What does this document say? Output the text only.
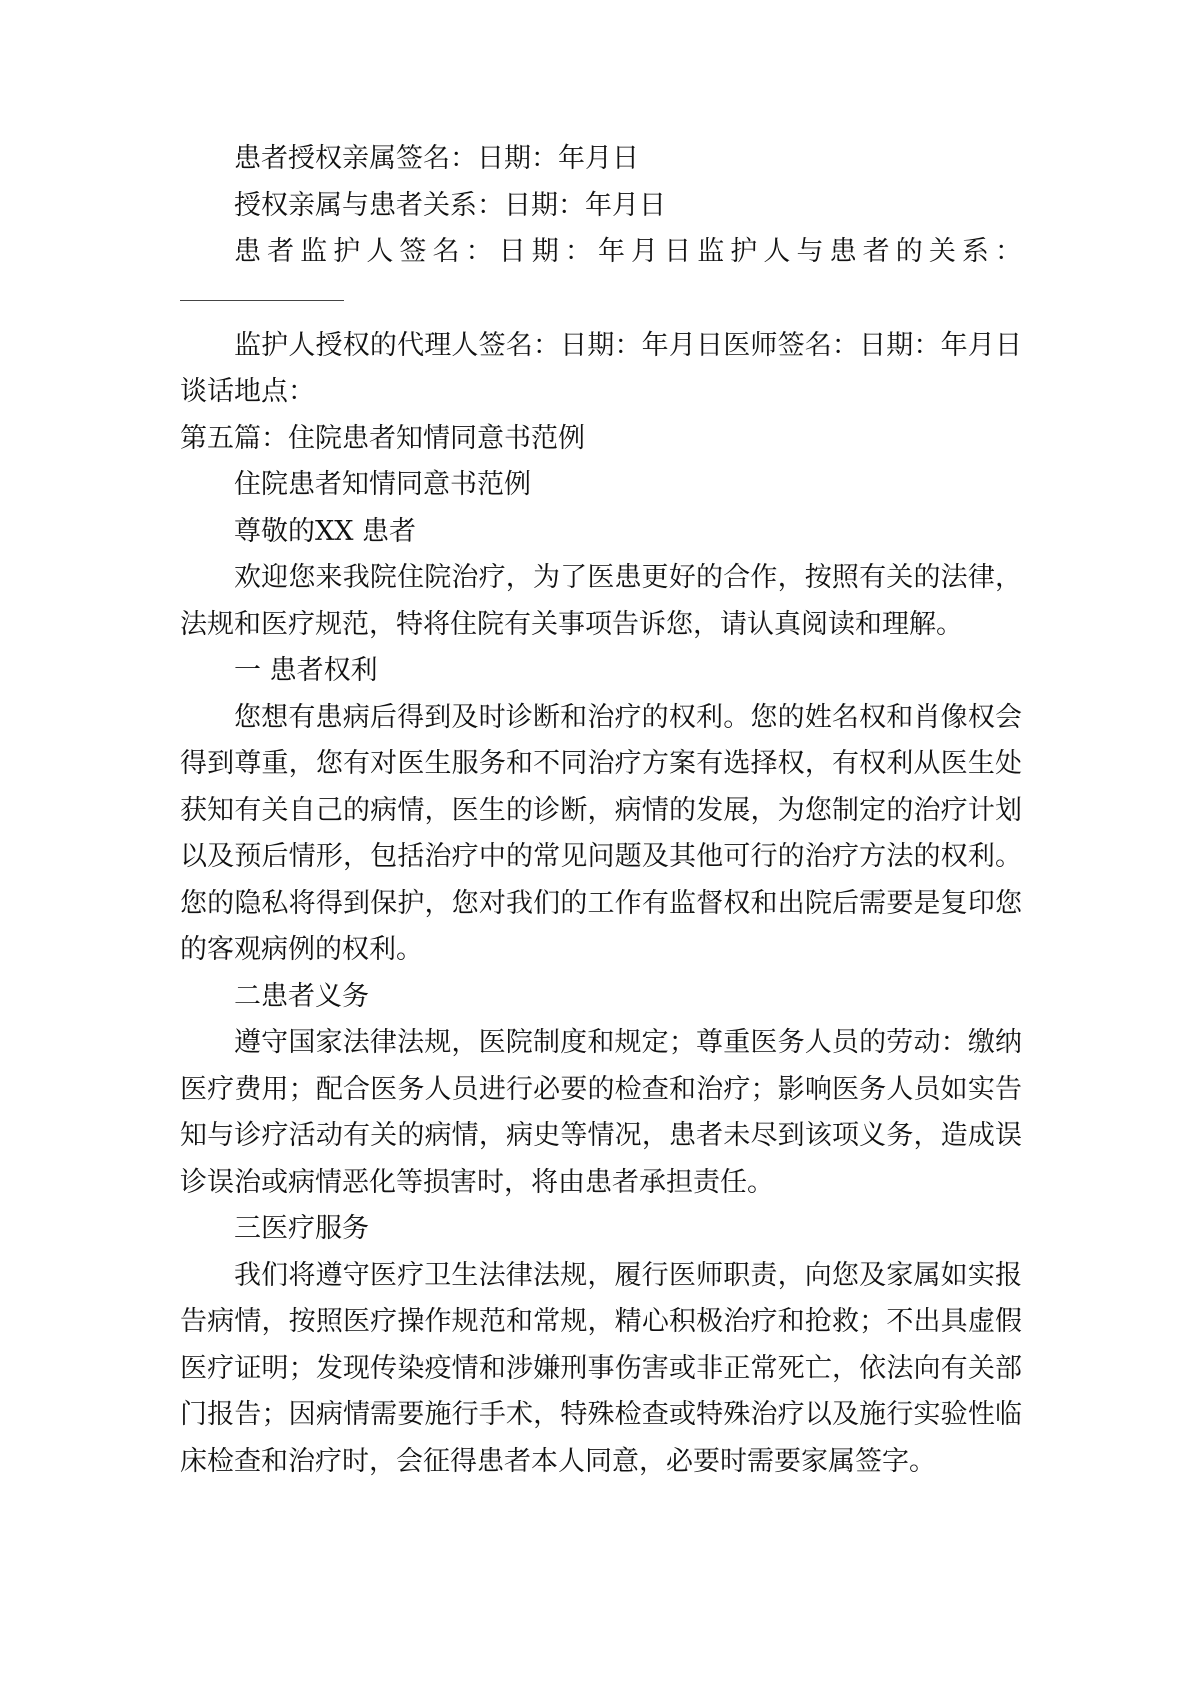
患者授权亲属签名：日期：年月日

授权亲属与患者关系：日期：年月日

患者监护人签名：日期：年月日监护人与患者的关系：

监护人授权的代理人签名：日期：年月日医师签名：日期：年月日谈话地点：

第五篇：住院患者知情同意书范例

住院患者知情同意书范例

尊敬的XX 患者

欢迎您来我院住院治疗，为了医患更好的合作，按照有关的法律，法规和医疗规范，特将住院有关事项告诉您，请认真阅读和理解。

一 患者权利

您想有患病后得到及时诊断和治疗的权利。您的姓名权和肖像权会得到尊重，您有对医生服务和不同治疗方案有选择权，有权利从医生处获知有关自己的病情，医生的诊断，病情的发展，为您制定的治疗计划以及预后情形，包括治疗中的常见问题及其他可行的治疗方法的权利。您的隐私将得到保护，您对我们的工作有监督权和出院后需要是复印您的客观病例的权利。

二患者义务

遵守国家法律法规，医院制度和规定；尊重医务人员的劳动：缴纳医疗费用；配合医务人员进行必要的检查和治疗；影响医务人员如实告知与诊疗活动有关的病情，病史等情况，患者未尽到该项义务，造成误诊误治或病情恶化等损害时，将由患者承担责任。

三医疗服务

我们将遵守医疗卫生法律法规，履行医师职责，向您及家属如实报告病情，按照医疗操作规范和常规，精心积极治疗和抢救；不出具虚假医疗证明；发现传染疫情和涉嫌刑事伤害或非正常死亡，依法向有关部门报告；因病情需要施行手术，特殊检查或特殊治疗以及施行实验性临床检查和治疗时，会征得患者本人同意，必要时需要家属签字。
